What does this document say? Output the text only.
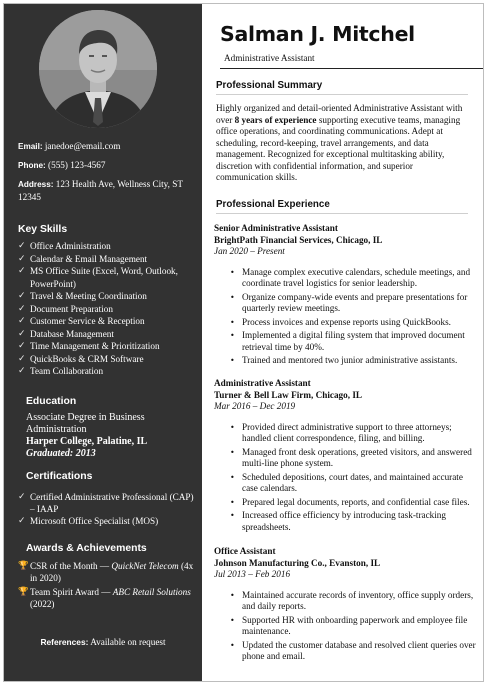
Email: janedoe@email.com
Phone: (555) 123-4567
Address: 123 Health Ave, Wellness City, ST 12345
Key Skills
✓ Office Administration
✓ Calendar & Email Management
✓ MS Office Suite (Excel, Word, Outlook, PowerPoint)
✓ Travel & Meeting Coordination
✓ Document Preparation
✓ Customer Service & Reception
✓ Database Management
✓ Time Management & Prioritization
✓ QuickBooks & CRM Software
✓ Team Collaboration
Education
Associate Degree in Business Administration
Harper College, Palatine, IL
Graduated: 2013
Certifications
✓ Certified Administrative Professional (CAP) – IAAP
✓ Microsoft Office Specialist (MOS)
Awards & Achievements
🏆 CSR of the Month — QuickNet Telecom (4x in 2020)
🏆 Team Spirit Award — ABC Retail Solutions (2022)
References: Available on request
Salman J. Mitchel
Administrative Assistant
Professional Summary
Highly organized and detail-oriented Administrative Assistant with over 8 years of experience supporting executive teams, managing office operations, and coordinating communications. Adept at scheduling, record-keeping, travel arrangements, and data management. Recognized for exceptional multitasking ability, discretion with confidential information, and superior communication skills.
Professional Experience
Senior Administrative Assistant
BrightPath Financial Services, Chicago, IL
Jan 2020 – Present
• Manage complex executive calendars, schedule meetings, and coordinate travel logistics for senior leadership.
• Organize company-wide events and prepare presentations for quarterly review meetings.
• Process invoices and expense reports using QuickBooks.
• Implemented a digital filing system that improved document retrieval time by 40%.
• Trained and mentored two junior administrative assistants.
Administrative Assistant
Turner & Bell Law Firm, Chicago, IL
Mar 2016 – Dec 2019
• Provided direct administrative support to three attorneys; handled client correspondence, filing, and billing.
• Managed front desk operations, greeted visitors, and answered multi-line phone system.
• Scheduled depositions, court dates, and maintained accurate case calendars.
• Prepared legal documents, reports, and confidential case files.
• Increased office efficiency by introducing task-tracking spreadsheets.
Office Assistant
Johnson Manufacturing Co., Evanston, IL
Jul 2013 – Feb 2016
• Maintained accurate records of inventory, office supply orders, and daily reports.
• Supported HR with onboarding paperwork and employee file maintenance.
• Updated the customer database and resolved client queries over phone and email.
